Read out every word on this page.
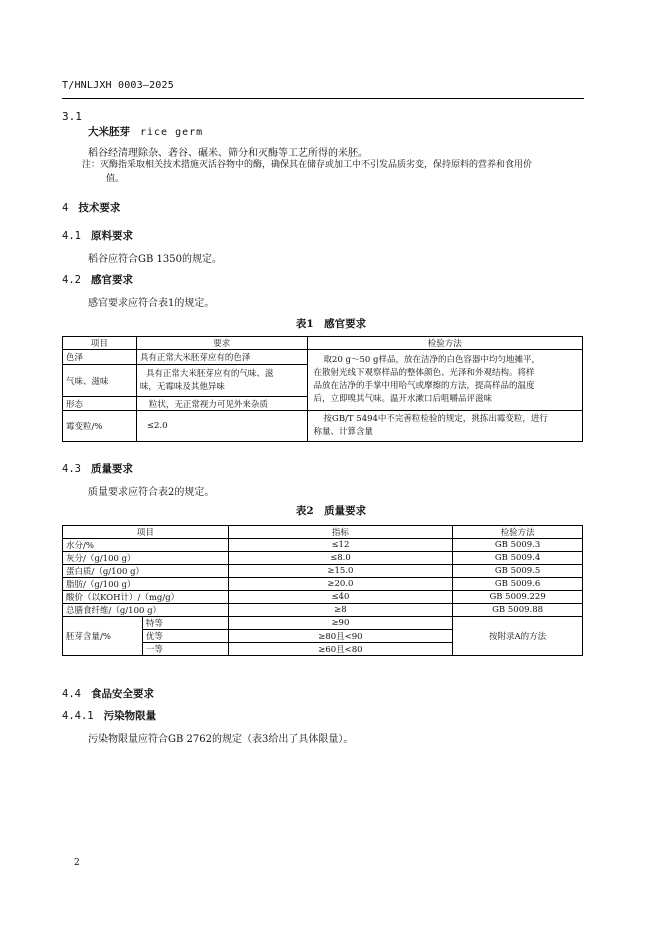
T/HNLJXH 0003—2025
3.1
大米胚芽 rice germ
稻谷经清理除杂、砻谷、碾米、筛分和灭酶等工艺所得的米胚。
注：灭酶指采取相关技术措施灭活谷物中的酶，确保其在储存或加工中不引发品质劣变，保持原料的营养和食用价
值。
4 技术要求
4.1 原料要求
稻谷应符合GB 1350的规定。
4.2 感官要求
感官要求应符合表1的规定。
表1　感官要求
项目	要求	检验方法
色泽	具有正常大米胚芽应有的色泽	取20 g～50 g样品，放在洁净的白色容器中均匀地摊平，
在散射光线下观察样品的整体颜色、光泽和外观结构。将样
品放在洁净的手掌中用哈气或摩擦的方法，提高样品的温度
后，立即嗅其气味。温开水漱口后咀嚼品评滋味

气味、滋味	具有正常大米胚芽应有的气味、滋
味，无霉味及其他异味	

形态	粒状，无正常视力可见外来杂质	
霉变粒/%	≤2.0	按GB/T 5494中不完善粒检验的规定，挑拣出霉变粒，进行
称量、计算含量
4.3 质量要求
质量要求应符合表2的规定。
表2　质量要求
项目		指标	检验方法
水分/%		≤12	GB 5009.3
灰分/（g/100 g）		≤8.0	GB 5009.4
蛋白质/（g/100 g）		≥15.0	GB 5009.5
脂肪/（g/100 g）		≥20.0	GB 5009.6
酸价（以KOH计）/（mg/g）		≤40	GB 5009.229
总膳食纤维/（g/100 g）		≥8	GB 5009.88
胚芽含量/%	特等	≥90	按附录A的方法
	优等	≥80且<90	
	一等	≥60且<80	
4.4 食品安全要求
4.4.1 污染物限量
污染物限量应符合GB 2762的规定（表3给出了具体限量）。
2
